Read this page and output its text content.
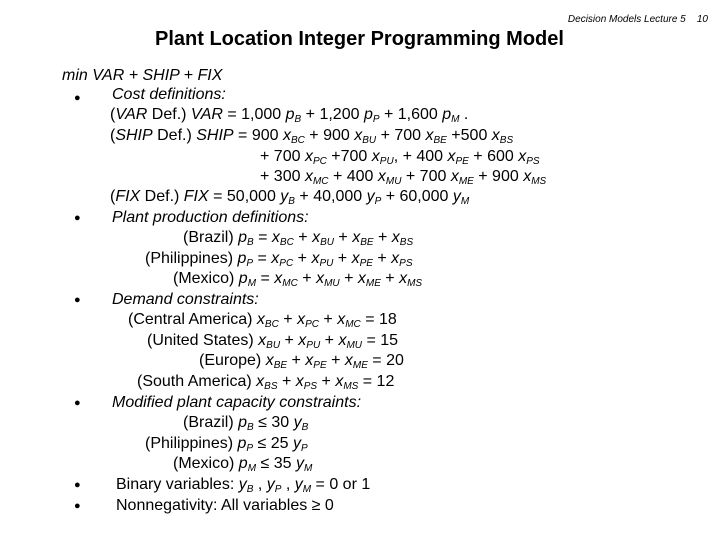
Decision Models Lecture 5 10
Plant Location Integer Programming Model
min VAR + SHIP + FIX
●
●
●
●
●
●
Cost definitions:
(VAR Def.) VAR = 1,000 $p_B + 1,200$ $p_P + 1,600$ $p_M$ .
(SHIP Def.) SHIP = 900 $x_{BC} + 900$ $x_{BU} + 700$ $x_{BE} +500$ $x_{BS}$
+ 700 $x_{PC} +700$ $x_{PU}$, + 400 $x_{PE} + 600$ $x_{PS}$
+ 300 $x_{MC} + 400$ $x_{MU} + 700$ $x_{ME} + 900$ $x_{MS}$
(FIX Def.) FIX = 50,000 $y_B + 40,000$ $y_P + 60,000$ $y_M$
Plant production definitions:
(Brazil) $p_B = x_{BC} + x_{BU} + x_{BE} + x_{BS}$
(Philippines) $p_P = x_{PC} + x_{PU} + x_{PE} + x_{PS}$
(Mexico) $p_M = x_{MC} + x_{MU} + x_{ME} + x_{MS}$
Demand constraints:
(Central America) $x_{BC} + x_{PC} + x_{MC} = 18$
(United States) $x_{BU} + x_{PU} + x_{MU} = 15$
(Europe) $x_{BE} + x_{PE} + x_{ME} = 20$
(South America) $x_{BS} + x_{PS} + x_{MS} = 12$
Modified plant capacity constraints:
(Brazil) $p_B \le 30$ $y_B$
(Philippines) $p_P \le 25$ $y_P$
(Mexico) $p_M \le 35$ $y_M$
Binary variables: $y_B$ , $y_P$ , $y_M = 0$ or 1
Nonnegativity: All variables ≥ 0
